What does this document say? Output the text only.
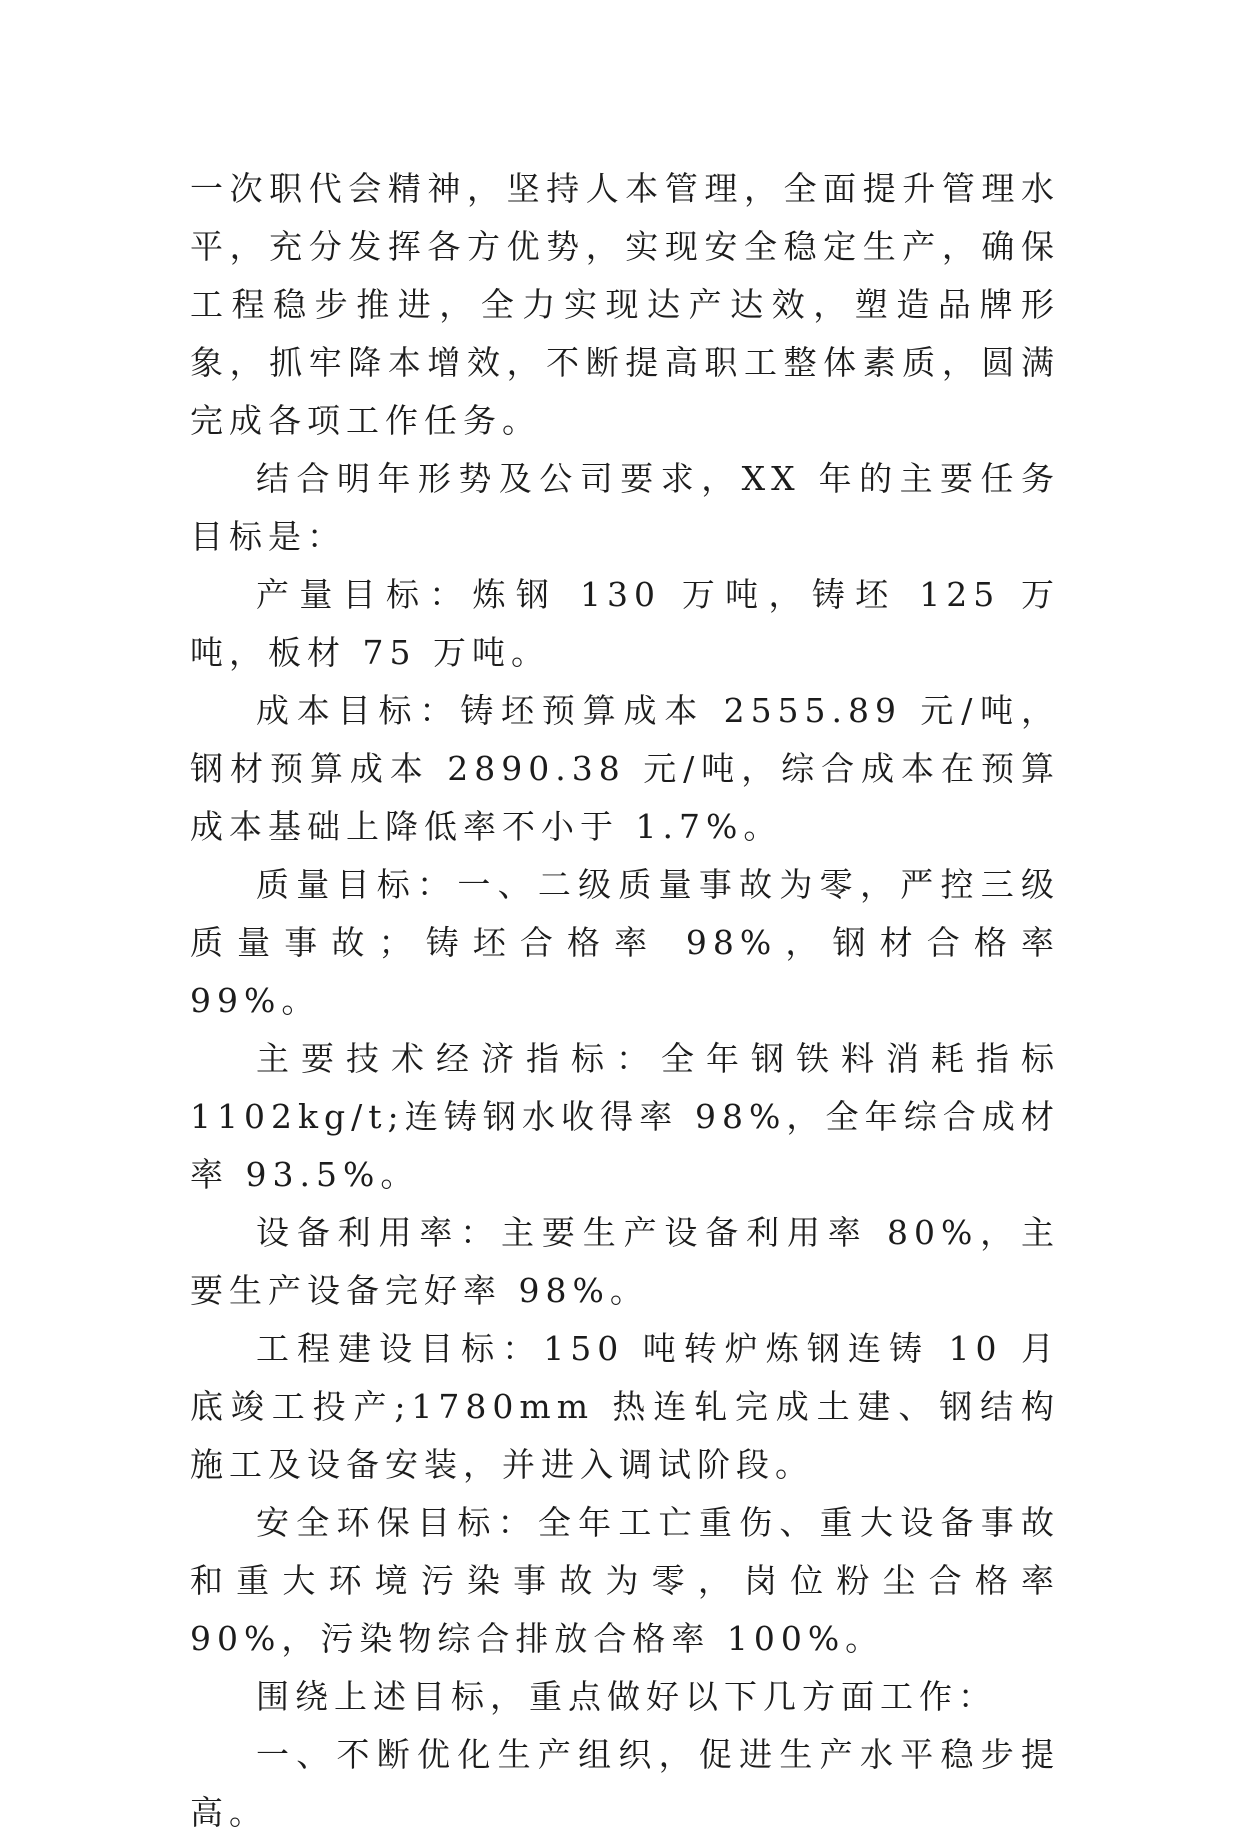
一次职代会精神，坚持人本管理，全面提升管理水平，充分发挥各方优势，实现安全稳定生产，确保工程稳步推进，全力实现达产达效，塑造品牌形象，抓牢降本增效，不断提高职工整体素质，圆满完成各项工作任务。

结合明年形势及公司要求，XX 年的主要任务目标是：

产量目标：炼钢 130 万吨，铸坯 125 万吨，板材 75 万吨。

成本目标：铸坯预算成本 2555.89 元/吨，钢材预算成本 2890.38 元/吨，综合成本在预算成本基础上降低率不小于 1.7%。

质量目标：一、二级质量事故为零，严控三级质量事故；铸坯合格率 98%，钢材合格率 99%。

主要技术经济指标：全年钢铁料消耗指标 1102kg/t;连铸钢水收得率 98%，全年综合成材率 93.5%。

设备利用率：主要生产设备利用率 80%，主要生产设备完好率 98%。

工程建设目标：150 吨转炉炼钢连铸 10 月底竣工投产;1780mm 热连轧完成土建、钢结构施工及设备安装，并进入调试阶段。

安全环保目标：全年工亡重伤、重大设备事故和重大环境污染事故为零，岗位粉尘合格率 90%，污染物综合排放合格率 100%。

围绕上述目标，重点做好以下几方面工作：

一、不断优化生产组织，促进生产水平稳步提高。
